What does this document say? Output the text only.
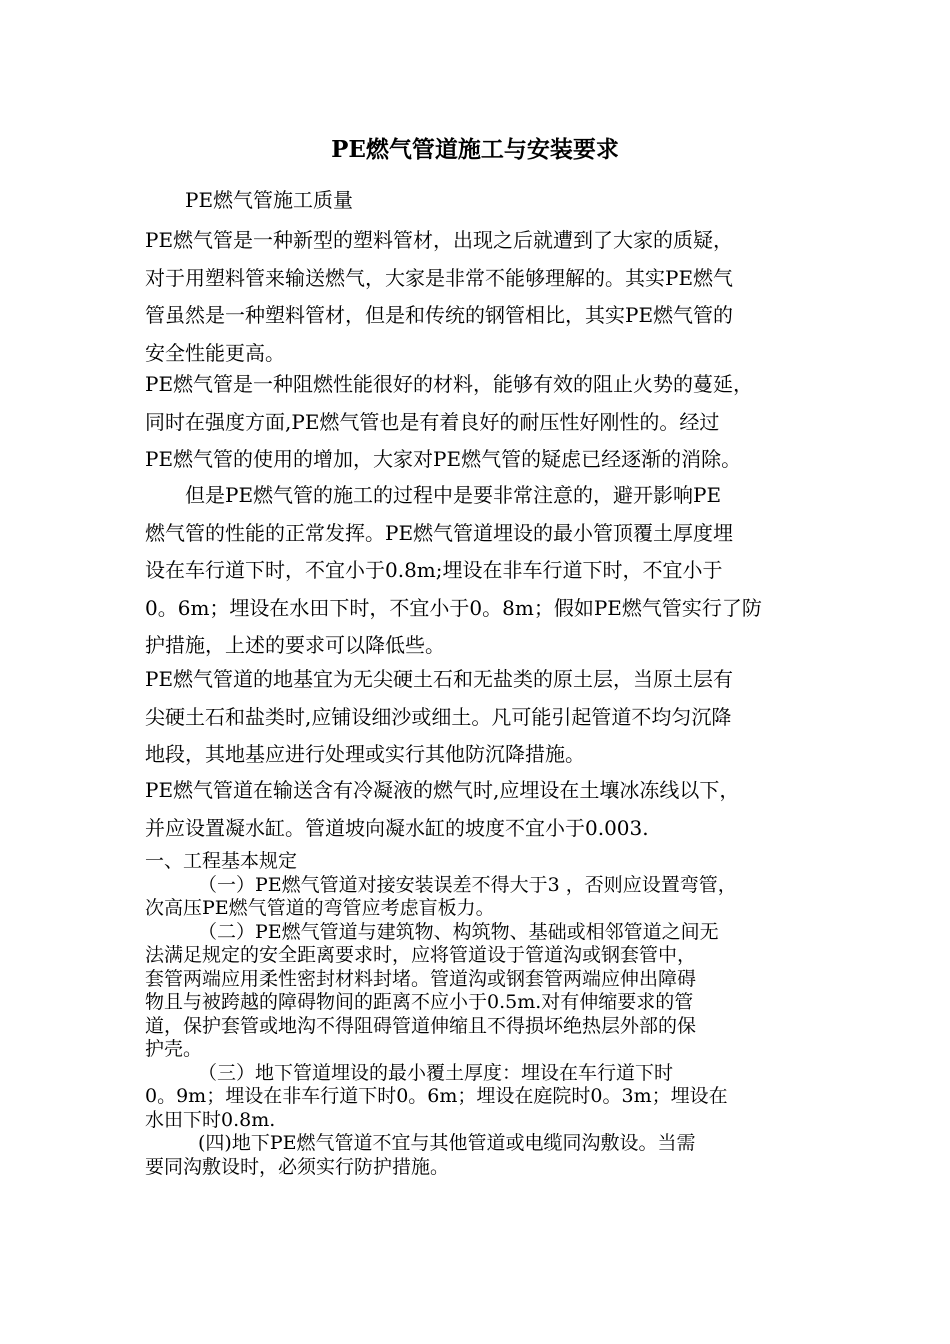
PE燃气管道施工与安装要求

PE燃气管施工质量

PE燃气管是一种新型的塑料管材，出现之后就遭到了大家的质疑，
对于用塑料管来输送燃气，大家是非常不能够理解的。其实PE燃气
管虽然是一种塑料管材，但是和传统的钢管相比，其实PE燃气管的
安全性能更高。
PE燃气管是一种阻燃性能很好的材料，能够有效的阻止火势的蔓延，
同时在强度方面,PE燃气管也是有着良好的耐压性好刚性的。经过
PE燃气管的使用的增加，大家对PE燃气管的疑虑已经逐渐的消除。
但是PE燃气管的施工的过程中是要非常注意的，避开影响PE
燃气管的性能的正常发挥。PE燃气管道埋设的最小管顶覆土厚度埋
设在车行道下时，不宜小于0.8m;埋设在非车行道下时，不宜小于
0。6m；埋设在水田下时，不宜小于0。8m；假如PE燃气管实行了防
护措施，上述的要求可以降低些。
PE燃气管道的地基宜为无尖硬土石和无盐类的原土层，当原土层有
尖硬土石和盐类时,应铺设细沙或细土。凡可能引起管道不均匀沉降
地段，其地基应进行处理或实行其他防沉降措施。
PE燃气管道在输送含有冷凝液的燃气时,应埋设在土壤冰冻线以下，
并应设置凝水缸。管道坡向凝水缸的坡度不宜小于0.003.
一、工程基本规定
（一）PE燃气管道对接安装误差不得大于3 ，否则应设置弯管，
次高压PE燃气管道的弯管应考虑盲板力。
（二）PE燃气管道与建筑物、构筑物、基础或相邻管道之间无
法满足规定的安全距离要求时，应将管道设于管道沟或钢套管中，
套管两端应用柔性密封材料封堵。管道沟或钢套管两端应伸出障碍
物且与被跨越的障碍物间的距离不应小于0.5m.对有伸缩要求的管
道，保护套管或地沟不得阻碍管道伸缩且不得损坏绝热层外部的保
护壳。
（三）地下管道埋设的最小覆土厚度：埋设在车行道下时
0。9m；埋设在非车行道下时0。6m；埋设在庭院时0。3m；埋设在
水田下时0.8m.
(四)地下PE燃气管道不宜与其他管道或电缆同沟敷设。当需
要同沟敷设时，必须实行防护措施。
